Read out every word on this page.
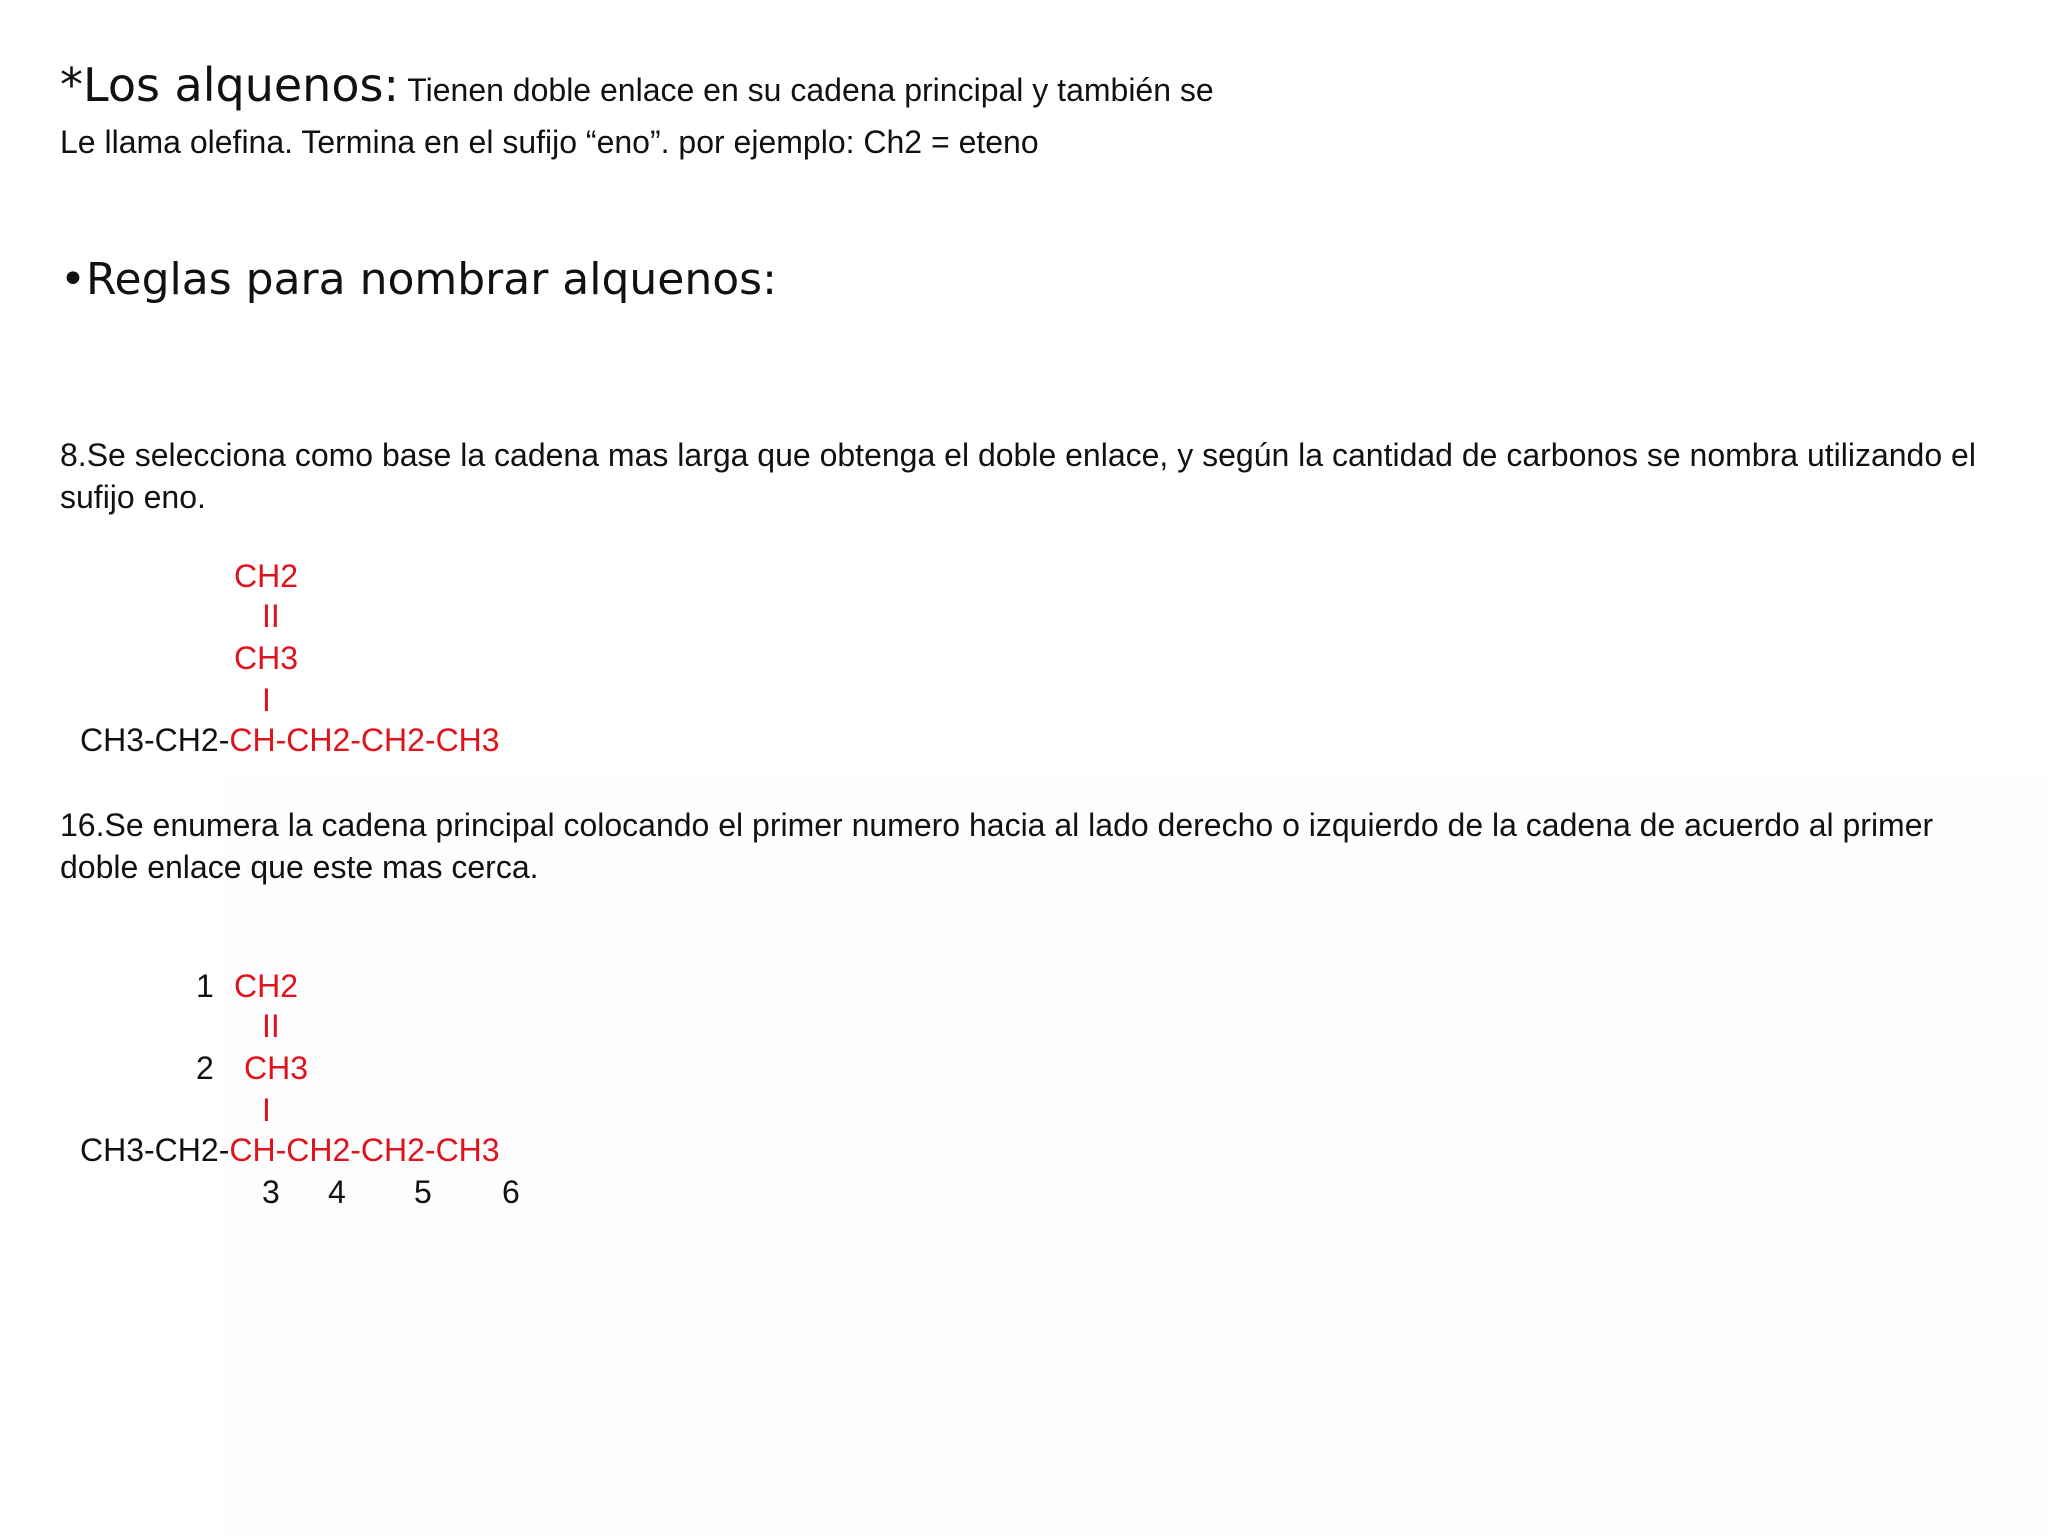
*Los alquenos: Tienen doble enlace en su cadena principal y también se
Le llama olefina. Termina en el sufijo “eno”. por ejemplo: Ch2 = eteno
•Reglas para nombrar alquenos:
8.Se selecciona como base la cadena mas larga que obtenga el doble enlace, y según la cantidad de carbonos se nombra utilizando el sufijo eno.
CH2
II
CH3
I
CH3-CH2-CH-CH2-CH2-CH3
16.Se enumera la cadena principal colocando el primer numero hacia al lado derecho o izquierdo de la cadena de acuerdo al primer doble enlace que este mas cerca.
1 CH2
II
2 CH3
I
CH3-CH2-CH-CH2-CH2-CH3
3 4 5 6
